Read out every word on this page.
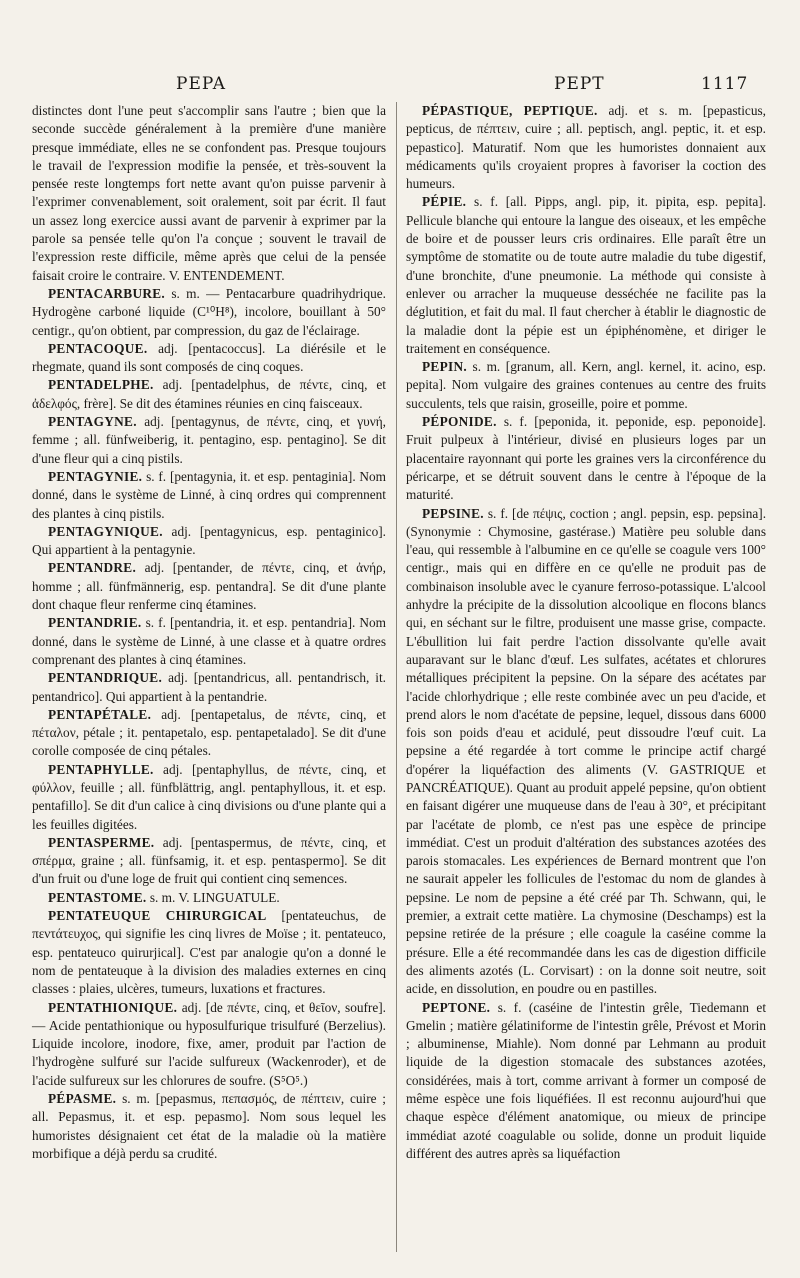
PEPA	PEPT	1117

distinctes dont l'une peut s'accomplir sans l'autre ; bien que la seconde succède généralement à la première d'une manière presque immédiate, elles ne se confondent pas. Presque toujours le travail de l'expression modifie la pensée, et très-souvent la pensée reste longtemps fort nette avant qu'on puisse parvenir à l'exprimer convenablement, soit oralement, soit par écrit. Il faut un assez long exercice aussi avant de parvenir à exprimer par la parole sa pensée telle qu'on l'a conçue ; souvent le travail de l'expression reste difficile, même après que celui de la pensée faisait croire le contraire. V. ENTENDEMENT.

PENTACARBURE. s. m. — Pentacarbure quadrihydrique. Hydrogène carboné liquide (C¹⁰H⁸), incolore, bouillant à 50° centigr., qu'on obtient, par compression, du gaz de l'éclairage.

PENTACOQUE. adj. [pentacoccus]. La diérésile et le rhegmate, quand ils sont composés de cinq coques.

PENTADELPHE. adj. [pentadelphus, de πέντε, cinq, et ἀδελφός, frère]. Se dit des étamines réunies en cinq faisceaux.

PENTAGYNE. adj. [pentagynus, de πέντε, cinq, et γυνή, femme ; all. fünfweiberig, it. pentagino, esp. pentagino]. Se dit d'une fleur qui a cinq pistils.

PENTAGYNIE. s. f. [pentagynia, it. et esp. pentaginia]. Nom donné, dans le système de Linné, à cinq ordres qui comprennent des plantes à cinq pistils.

PENTAGYNIQUE. adj. [pentagynicus, esp. pentaginico]. Qui appartient à la pentagynie.

PENTANDRE. adj. [pentander, de πέντε, cinq, et ἀνήρ, homme ; all. fünfmännerig, esp. pentandra]. Se dit d'une plante dont chaque fleur renferme cinq étamines.

PENTANDRIE. s. f. [pentandria, it. et esp. pentandria]. Nom donné, dans le système de Linné, à une classe et à quatre ordres comprenant des plantes à cinq étamines.

PENTANDRIQUE. adj. [pentandricus, all. pentandrisch, it. pentandrico]. Qui appartient à la pentandrie.

PENTAPÉTALE. adj. [pentapetalus, de πέντε, cinq, et πέταλον, pétale ; it. pentapetalo, esp. pentapetalado]. Se dit d'une corolle composée de cinq pétales.

PENTAPHYLLE. adj. [pentaphyllus, de πέντε, cinq, et φύλλον, feuille ; all. fünfblättrig, angl. pentaphyllous, it. et esp. pentafillo]. Se dit d'un calice à cinq divisions ou d'une plante qui a les feuilles digitées.

PENTASPERME. adj. [pentaspermus, de πέντε, cinq, et σπέρμα, graine ; all. fünfsamig, it. et esp. pentaspermo]. Se dit d'un fruit ou d'une loge de fruit qui contient cinq semences.

PENTASTOME. s. m. V. LINGUATULE.

PENTATEUQUE CHIRURGICAL [pentateuchus, de πεντάτευχος, qui signifie les cinq livres de Moïse ; it. pentateuco, esp. pentateuco quirurjical]. C'est par analogie qu'on a donné le nom de pentateuque à la division des maladies externes en cinq classes : plaies, ulcères, tumeurs, luxations et fractures.

PENTATHIONIQUE. adj. [de πέντε, cinq, et θεῖον, soufre]. — Acide pentathionique ou hyposulfurique trisulfuré (Berzelius). Liquide incolore, inodore, fixe, amer, produit par l'action de l'hydrogène sulfuré sur l'acide sulfureux (Wackenroder), et de l'acide sulfureux sur les chlorures de soufre. (S⁵O⁵.)

PÉPASME. s. m. [pepasmus, πεπασμός, de πέπτειν, cuire ; all. Pepasmus, it. et esp. pepasmo]. Nom sous lequel les humoristes désignaient cet état de la maladie où la matière morbifique a déjà perdu sa crudité.

PÉPASTIQUE, PEPTIQUE. adj. et s. m. [pepasticus, pepticus, de πέπτειν, cuire ; all. peptisch, angl. peptic, it. et esp. pepastico]. Maturatif. Nom que les humoristes donnaient aux médicaments qu'ils croyaient propres à favoriser la coction des humeurs.

PÉPIE. s. f. [all. Pipps, angl. pip, it. pipita, esp. pepita]. Pellicule blanche qui entoure la langue des oiseaux, et les empêche de boire et de pousser leurs cris ordinaires. Elle paraît être un symptôme de stomatite ou de toute autre maladie du tube digestif, d'une bronchite, d'une pneumonie. La méthode qui consiste à enlever ou arracher la muqueuse desséchée ne facilite pas la déglutition, et fait du mal. Il faut chercher à établir le diagnostic de la maladie dont la pépie est un épiphénomène, et diriger le traitement en conséquence.

PEPIN. s. m. [granum, all. Kern, angl. kernel, it. acino, esp. pepita]. Nom vulgaire des graines contenues au centre des fruits succulents, tels que raisin, groseille, poire et pomme.

PÉPONIDE. s. f. [peponida, it. peponide, esp. peponoide]. Fruit pulpeux à l'intérieur, divisé en plusieurs loges par un placentaire rayonnant qui porte les graines vers la circonférence du péricarpe, et se détruit souvent dans le centre à l'époque de la maturité.

PEPSINE. s. f. [de πέψις, coction ; angl. pepsin, esp. pepsina]. (Synonymie : Chymosine, gastérase.) Matière peu soluble dans l'eau, qui ressemble à l'albumine en ce qu'elle se coagule vers 100° centigr., mais qui en diffère en ce qu'elle ne produit pas de combinaison insoluble avec le cyanure ferroso-potassique. L'alcool anhydre la précipite de la dissolution alcoolique en flocons blancs qui, en séchant sur le filtre, produisent une masse grise, compacte. L'ébullition lui fait perdre l'action dissolvante qu'elle avait auparavant sur le blanc d'œuf. Les sulfates, acétates et chlorures métalliques précipitent la pepsine. On la sépare des acétates par l'acide chlorhydrique ; elle reste combinée avec un peu d'acide, et prend alors le nom d'acétate de pepsine, lequel, dissous dans 6000 fois son poids d'eau et acidulé, peut dissoudre l'œuf cuit. La pepsine a été regardée à tort comme le principe actif chargé d'opérer la liquéfaction des aliments (V. GASTRIQUE et PANCRÉATIQUE). Quant au produit appelé pepsine, qu'on obtient en faisant digérer une muqueuse dans de l'eau à 30°, et précipitant par l'acétate de plomb, ce n'est pas une espèce de principe immédiat. C'est un produit d'altération des substances azotées des parois stomacales. Les expériences de Bernard montrent que l'on ne saurait appeler les follicules de l'estomac du nom de glandes à pepsine. Le nom de pepsine a été créé par Th. Schwann, qui, le premier, a extrait cette matière. La chymosine (Deschamps) est la pepsine retirée de la présure ; elle coagule la caséine comme la présure. Elle a été recommandée dans les cas de digestion difficile des aliments azotés (L. Corvisart) : on la donne soit neutre, soit acide, en dissolution, en poudre ou en pastilles.

PEPTONE. s. f. (caséine de l'intestin grêle, Tiedemann et Gmelin ; matière gélatiniforme de l'intestin grêle, Prévost et Morin ; albuminense, Miahle). Nom donné par Lehmann au produit liquide de la digestion stomacale des substances azotées, considérées, mais à tort, comme arrivant à former un composé de même espèce une fois liquéfiées. Il est reconnu aujourd'hui que chaque espèce d'élément anatomique, ou mieux de principe immédiat azoté coagulable ou solide, donne un produit liquide différent des autres après sa liquéfaction
